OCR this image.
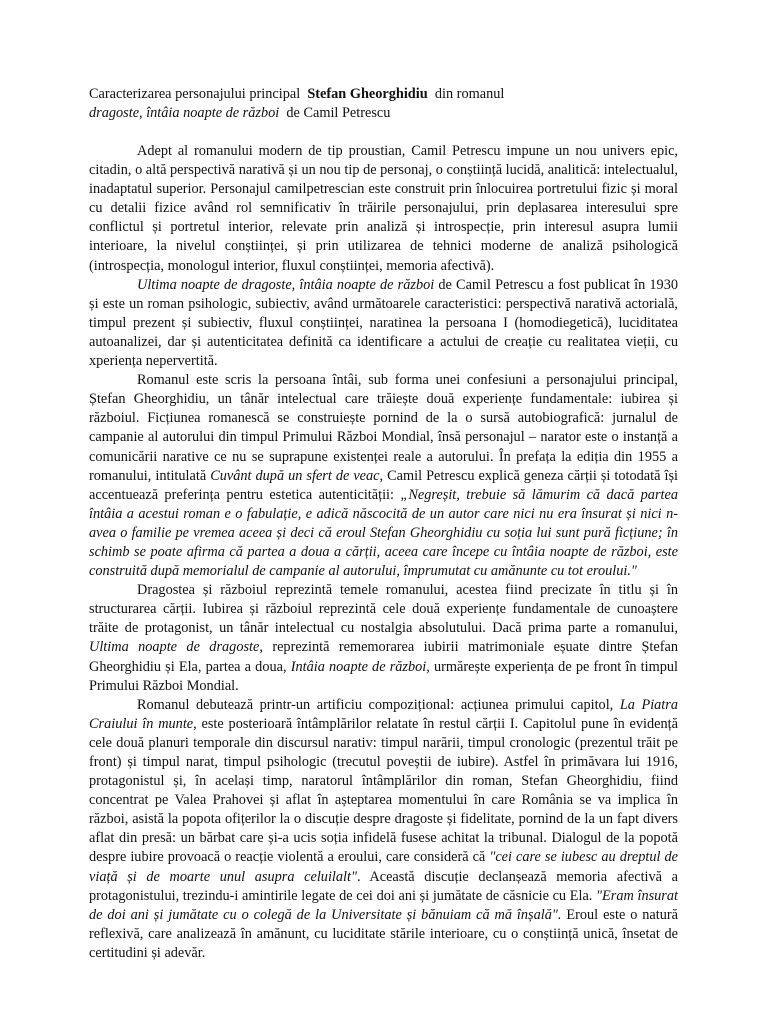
Caracterizarea personajului principal Stefan Gheorghidiu din romanul
dragoste, întâia noapte de război de Camil Petrescu

Adept al romanului modern de tip proustian, Camil Petrescu impune un nou univers epic, citadin, o altă perspectivă narativă și un nou tip de personaj, o conștiință lucidă, analitică: intelectualul, inadaptatul superior. Personajul camilpetrescian este construit prin înlocuirea portretului fizic și moral cu detalii fizice având rol semnificativ în trăirile personajului, prin deplasarea interesului spre conflictul și portretul interior, relevate prin analiză și introspecție, prin interesul asupra lumii interioare, la nivelul conștiinței, și prin utilizarea de tehnici moderne de analiză psihologică (introspecția, monologul interior, fluxul conștiinței, memoria afectivă).

Ultima noapte de dragoste, întâia noapte de război de Camil Petrescu a fost publicat în 1930 și este un roman psihologic, subiectiv, având următoarele caracteristici: perspectivă narativă actorială, timpul prezent și subiectiv, fluxul conștiinței, naratinea la persoana I (homodiegetică), luciditatea autoanalizei, dar și autenticitatea definită ca identificare a actului de creație cu realitatea vieții, cu xperiența nepervertită.

Romanul este scris la persoana întâi, sub forma unei confesiuni a personajului principal, Ștefan Gheorghidiu, un tânăr intelectual care trăiește două experiențe fundamentale: iubirea și războiul. Ficțiunea romanescă se construiește pornind de la o sursă autobiografică: jurnalul de campanie al autorului din timpul Primului Război Mondial, însă personajul – narator este o instanță a comunicării narative ce nu se suprapune existenței reale a autorului. În prefața la ediția din 1955 a romanului, intitulată Cuvânt după un sfert de veac, Camil Petrescu explică geneza cărții și totodată își accentuează preferința pentru estetica autenticității: „Negreșit, trebuie să lămurim că dacă partea întâia a acestui roman e o fabulație, e adică născocită de un autor care nici nu era însurat și nici n-avea o familie pe vremea aceea și deci că eroul Stefan Gheorghidiu cu soția lui sunt pură ficțiune; în schimb se poate afirma că partea a doua a cărții, aceea care începe cu întâia noapte de război, este construită după memorialul de campanie al autorului, împrumutat cu amănunte cu tot eroului."

Dragostea și războiul reprezintă temele romanului, acestea fiind precizate în titlu și în structurarea cărții. Iubirea și războiul reprezintă cele două experiențe fundamentale de cunoaștere trăite de protagonist, un tânăr intelectual cu nostalgia absolutului. Dacă prima parte a romanului, Ultima noapte de dragoste, reprezintă rememorarea iubirii matrimoniale eșuate dintre Ștefan Gheorghidiu și Ela, partea a doua, Intâia noapte de război, urmărește experiența de pe front în timpul Primului Război Mondial.

Romanul debutează printr-un artificiu compozițional: acțiunea primului capitol, La Piatra Craiului în munte, este posterioară întâmplărilor relatate în restul cărții I. Capitolul pune în evidență cele două planuri temporale din discursul narativ: timpul narării, timpul cronologic (prezentul trăit pe front) și timpul narat, timpul psihologic (trecutul poveștii de iubire). Astfel în primăvara lui 1916, protagonistul și, în același timp, naratorul întâmplărilor din roman, Stefan Gheorghidiu, fiind concentrat pe Valea Prahovei și aflat în așteptarea momentului în care România se va implica în război, asistă la popota ofițerilor la o discuție despre dragoste și fidelitate, pornind de la un fapt divers aflat din presă: un bărbat care și-a ucis soția infidelă fusese achitat la tribunal. Dialogul de la popotă despre iubire provoacă o reacție violentă a eroului, care consideră că "cei care se iubesc au dreptul de viață și de moarte unul asupra celuilalt". Această discuție declanșează memoria afectivă a protagonistului, trezindu-i amintirile legate de cei doi ani și jumătate de căsnicie cu Ela. "Eram însurat de doi ani și jumătate cu o colegă de la Universitate și bănuiam că mă înșală". Eroul este o natură reflexivă, care analizează în amănunt, cu luciditate stările interioare, cu o conștiință unică, însetat de certitudini și adevăr.
